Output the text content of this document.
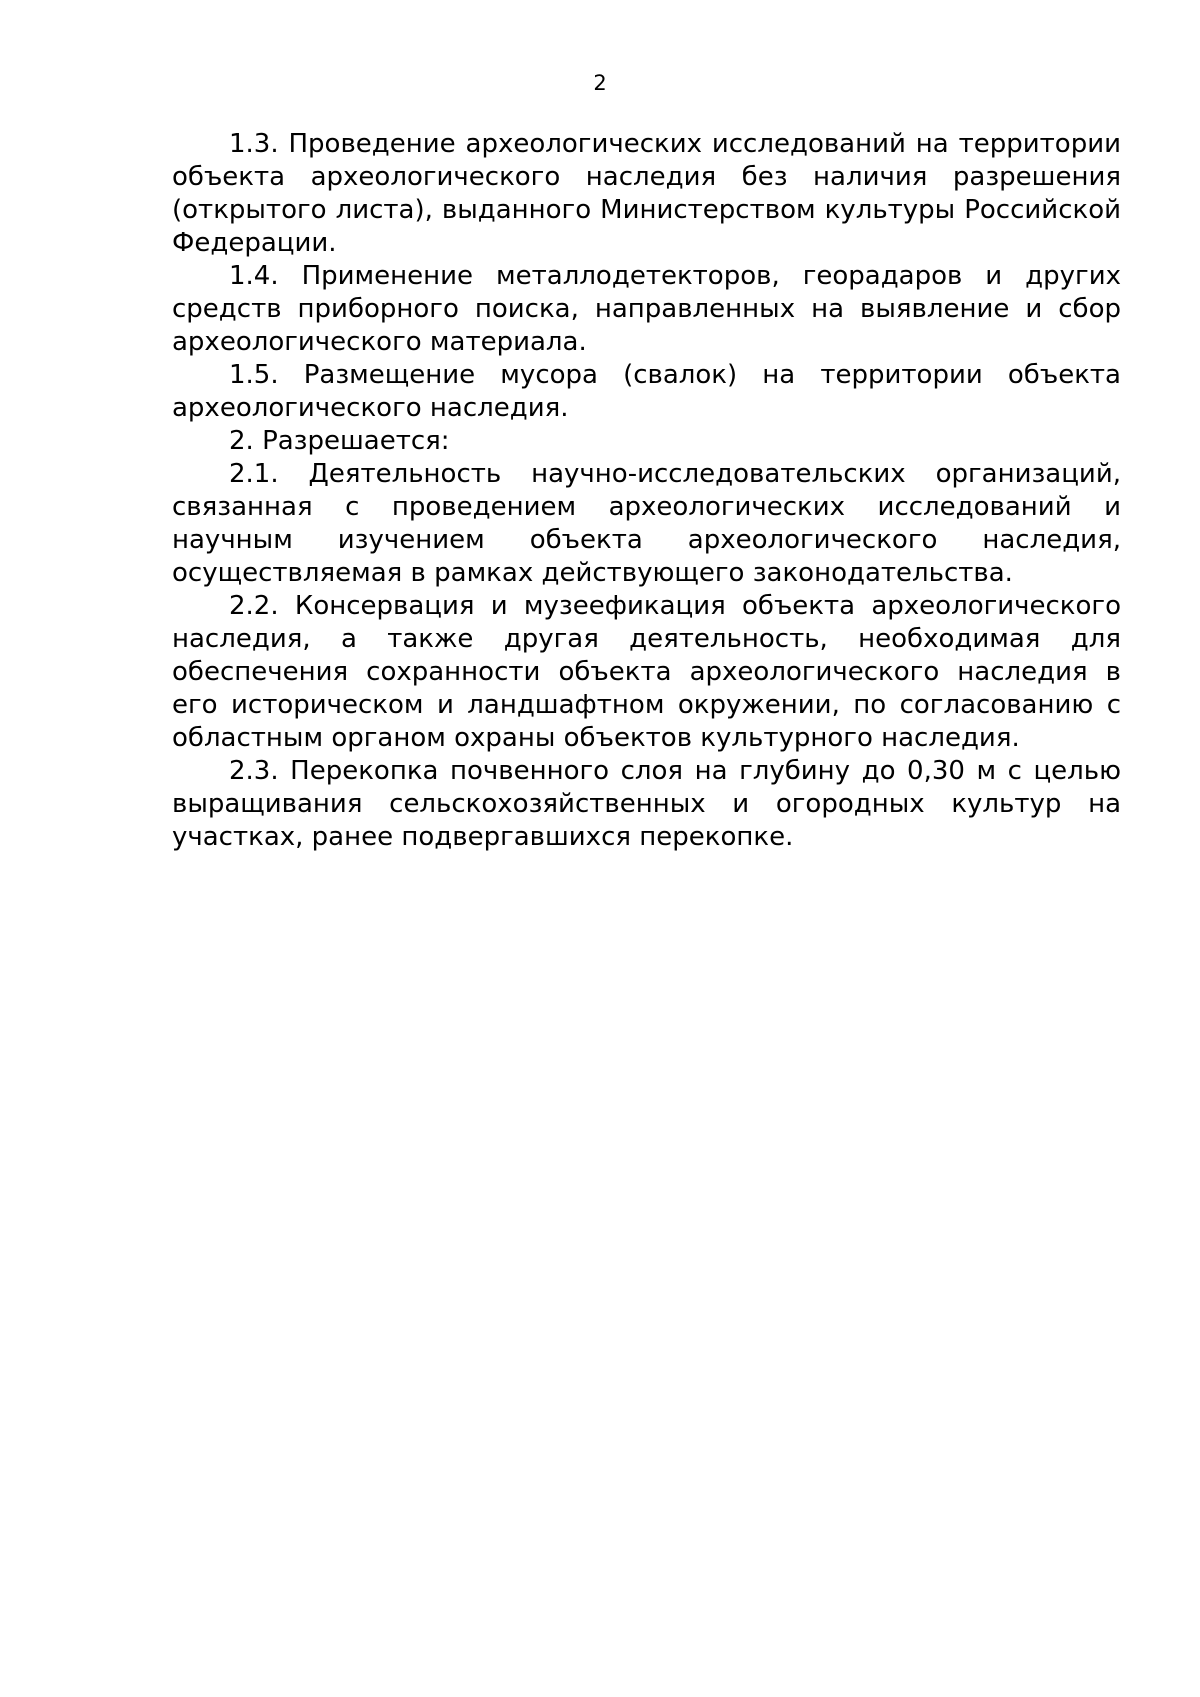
2

1.3. Проведение археологических исследований на территории объекта археологического наследия без наличия разрешения (открытого листа), выданного Министерством культуры Российской Федерации.

1.4. Применение металлодетекторов, георадаров и других средств приборного поиска, направленных на выявление и сбор археологического материала.

1.5. Размещение мусора (свалок) на территории объекта археологического наследия.

2. Разрешается:

2.1. Деятельность научно-исследовательских организаций, связанная с проведением археологических исследований и научным изучением объекта археологического наследия, осуществляемая в рамках действующего законодательства.

2.2. Консервация и музеефикация объекта археологического наследия, а также другая деятельность, необходимая для обеспечения сохранности объекта археологического наследия в его историческом и ландшафтном окружении, по согласованию с областным органом охраны объектов культурного наследия.

2.3. Перекопка почвенного слоя на глубину до 0,30 м с целью выращивания сельскохозяйственных и огородных культур на участках, ранее подвергавшихся перекопке.
